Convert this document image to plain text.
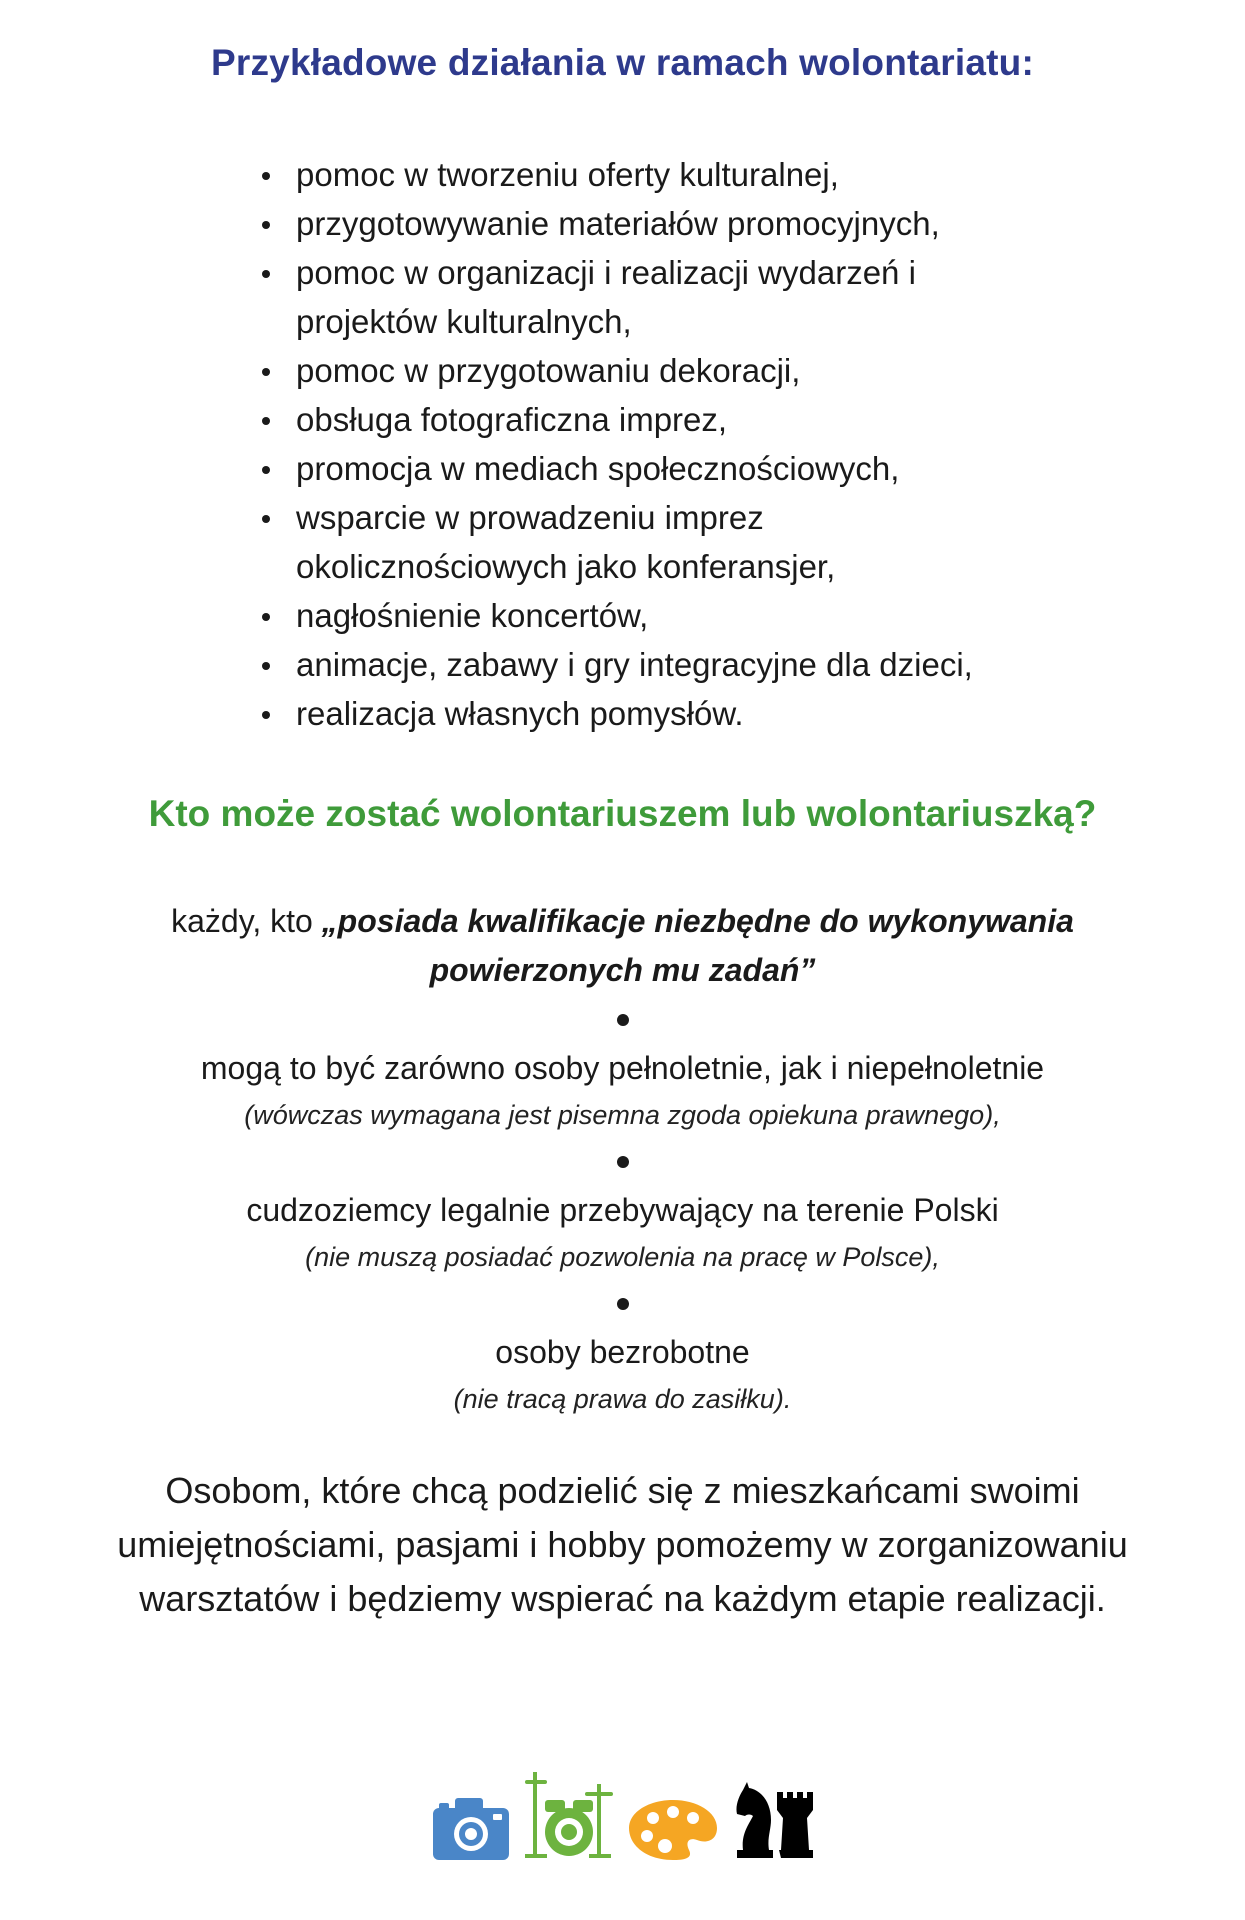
Przykładowe działania w ramach wolontariatu:
pomoc w tworzeniu oferty kulturalnej,
przygotowywanie materiałów promocyjnych,
pomoc w organizacji i realizacji wydarzeń i projektów kulturalnych,
pomoc w przygotowaniu dekoracji,
obsługa fotograficzna imprez,
promocja w mediach społecznościowych,
wsparcie w prowadzeniu imprez okolicznościowych jako konferansjer,
nagłośnienie koncertów,
animacje, zabawy i gry integracyjne dla dzieci,
realizacja własnych pomysłów.
Kto może zostać wolontariuszem lub wolontariuszką?
każdy, kto „posiada kwalifikacje niezbędne do wykonywania powierzonych mu zadań”
mogą to być zarówno osoby pełnoletnie, jak i niepełnoletnie
(wówczas wymagana jest pisemna zgoda opiekuna prawnego),
cudzoziemcy legalnie przebywający na terenie Polski
(nie muszą posiadać pozwolenia na pracę w Polsce),
osoby bezrobotne
(nie tracą prawa do zasiłku).
Osobom, które chcą podzielić się z mieszkańcami swoimi umiejętnościami, pasjami i hobby pomożemy w zorganizowaniu warsztatów i będziemy wspierać na każdym etapie realizacji.
